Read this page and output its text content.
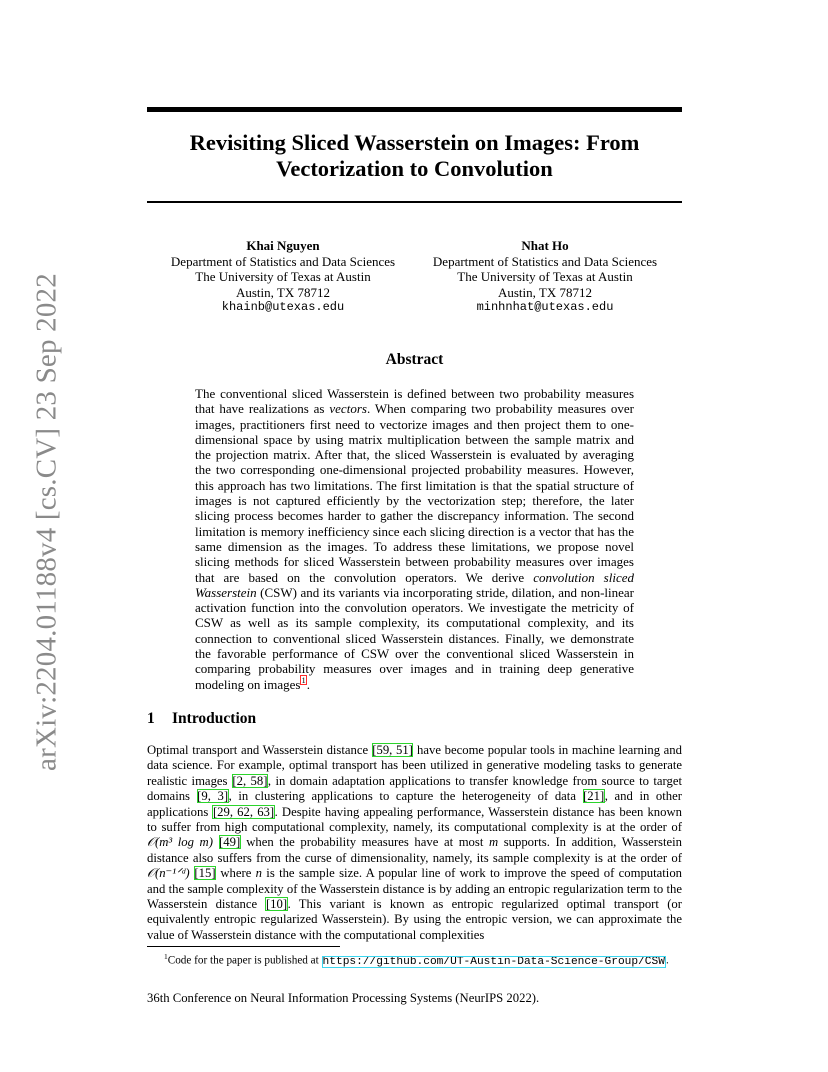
Revisiting Sliced Wasserstein on Images: From
Vectorization to Convolution
arXiv:2204.01188v4 [cs.CV] 23 Sep 2022
Khai Nguyen
Department of Statistics and Data Sciences
The University of Texas at Austin
Austin, TX 78712
khainb@utexas.edu
Nhat Ho
Department of Statistics and Data Sciences
The University of Texas at Austin
Austin, TX 78712
minhnhat@utexas.edu
Abstract

The conventional sliced Wasserstein is defined between two probability measures that have realizations as vectors. When comparing two probability measures over images, practitioners first need to vectorize images and then project them to one-dimensional space by using matrix multiplication between the sample matrix and the projection matrix. After that, the sliced Wasserstein is evaluated by averaging the two corresponding one-dimensional projected probability measures. However, this approach has two limitations. The first limitation is that the spatial structure of images is not captured efficiently by the vectorization step; therefore, the later slicing process becomes harder to gather the discrepancy information. The second limitation is memory inefficiency since each slicing direction is a vector that has the same dimension as the images. To address these limitations, we propose novel slicing methods for sliced Wasserstein between probability measures over images that are based on the convolution operators. We derive convolution sliced Wasserstein (CSW) and its variants via incorporating stride, dilation, and non-linear activation function into the convolution operators. We investigate the metricity of CSW as well as its sample complexity, its computational complexity, and its connection to conventional sliced Wasserstein distances. Finally, we demonstrate the favorable performance of CSW over the conventional sliced Wasserstein in comparing probability measures over images and in training deep generative modeling on images$^1$.

1 Introduction

Optimal transport and Wasserstein distance [59, 51] have become popular tools in machine learning and data science. For example, optimal transport has been utilized in generative modeling tasks to generate realistic images [2, 58], in domain adaptation applications to transfer knowledge from source to target domains [9, 3], in clustering applications to capture the heterogeneity of data [21], and in other applications [29, 62, 63]. Despite having appealing performance, Wasserstein distance has been known to suffer from high computational complexity, namely, its computational complexity is at the order of 𝒪(m³ log m) [49] when the probability measures have at most m supports. In addition, Wasserstein distance also suffers from the curse of dimensionality, namely, its sample complexity is at the order of 𝒪(n⁻¹ᐟᵈ) [15] where n is the sample size. A popular line of work to improve the speed of computation and the sample complexity of the Wasserstein distance is by adding an entropic regularization term to the Wasserstein distance [10]. This variant is known as entropic regularized optimal transport (or equivalently entropic regularized Wasserstein). By using the entropic version, we can approximate the value of Wasserstein distance with the computational complexities

$^1$Code for the paper is published at https://github.com/UT-Austin-Data-Science-Group/CSW.

36th Conference on Neural Information Processing Systems (NeurIPS 2022).
